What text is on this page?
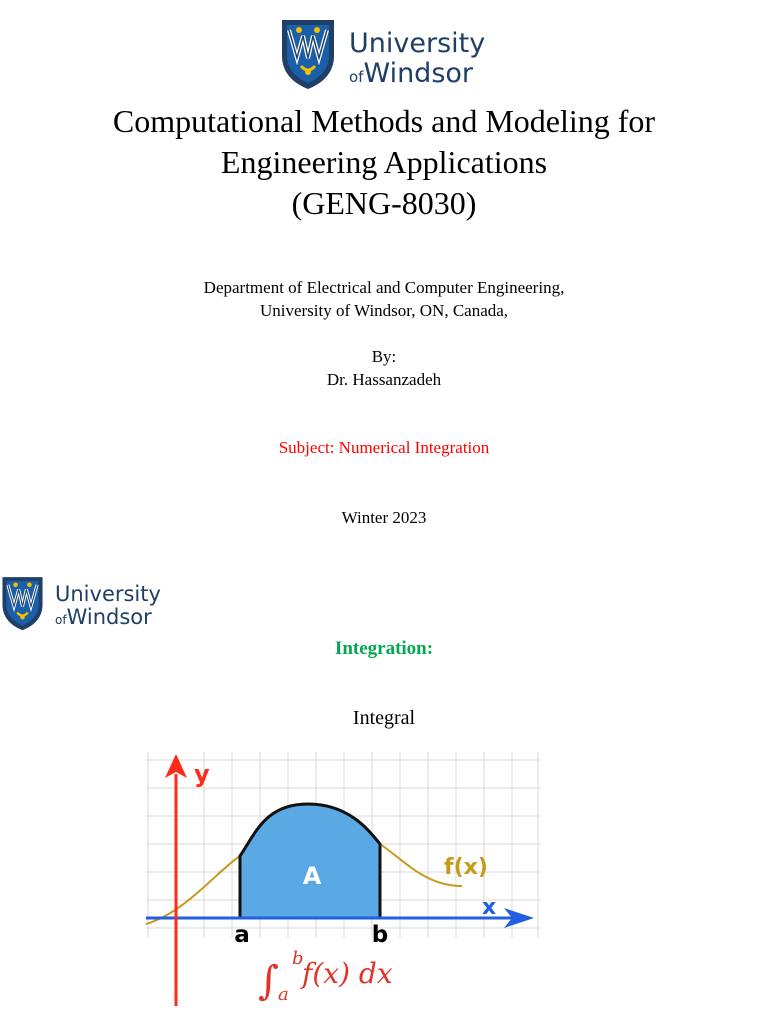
University
ofWindsor
Computational Methods and Modeling for
Engineering Applications
(GENG-8030)
Department of Electrical and Computer Engineering,
University of Windsor, ON, Canada,
By:
Dr. Hassanzadeh
Subject: Numerical Integration
Winter 2023
University
ofWindsor
Integration:
Integral
A
x
y
f(x)
a	b
∫ b
a
f(x) dx
